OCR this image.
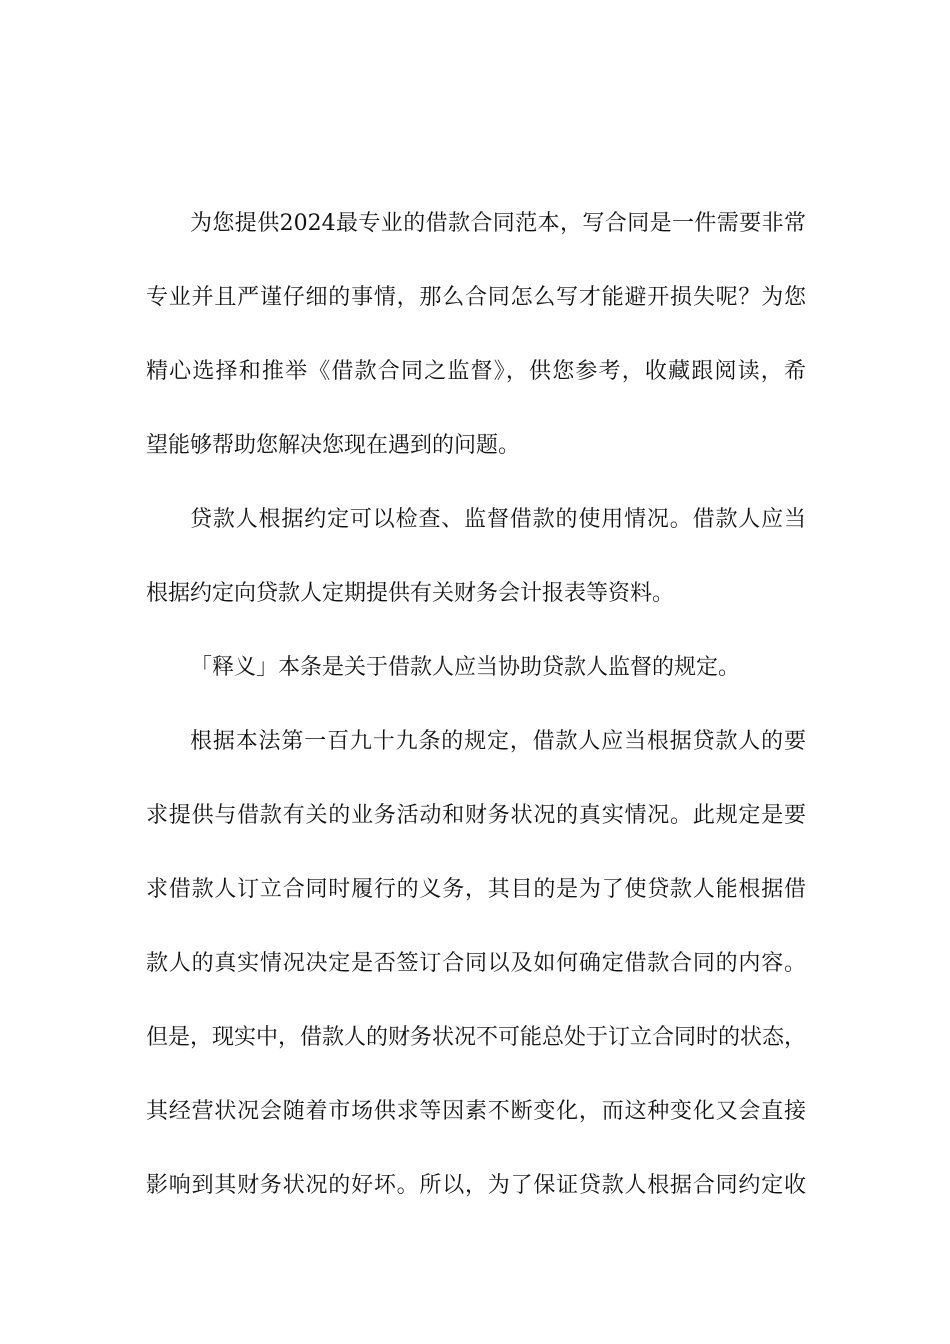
为您提供2024最专业的借款合同范本，写合同是一件需要非常
专业并且严谨仔细的事情，那么合同怎么写才能避开损失呢？为您
精心选择和推举《借款合同之监督》，供您参考，收藏跟阅读，希
望能够帮助您解决您现在遇到的问题。
贷款人根据约定可以检查、监督借款的使用情况。借款人应当
根据约定向贷款人定期提供有关财务会计报表等资料。
「释义」本条是关于借款人应当协助贷款人监督的规定。
根据本法第一百九十九条的规定，借款人应当根据贷款人的要
求提供与借款有关的业务活动和财务状况的真实情况。此规定是要
求借款人订立合同时履行的义务，其目的是为了使贷款人能根据借
款人的真实情况决定是否签订合同以及如何确定借款合同的内容。
但是，现实中，借款人的财务状况不可能总处于订立合同时的状态，
其经营状况会随着市场供求等因素不断变化，而这种变化又会直接
影响到其财务状况的好坏。所以，为了保证贷款人根据合同约定收
